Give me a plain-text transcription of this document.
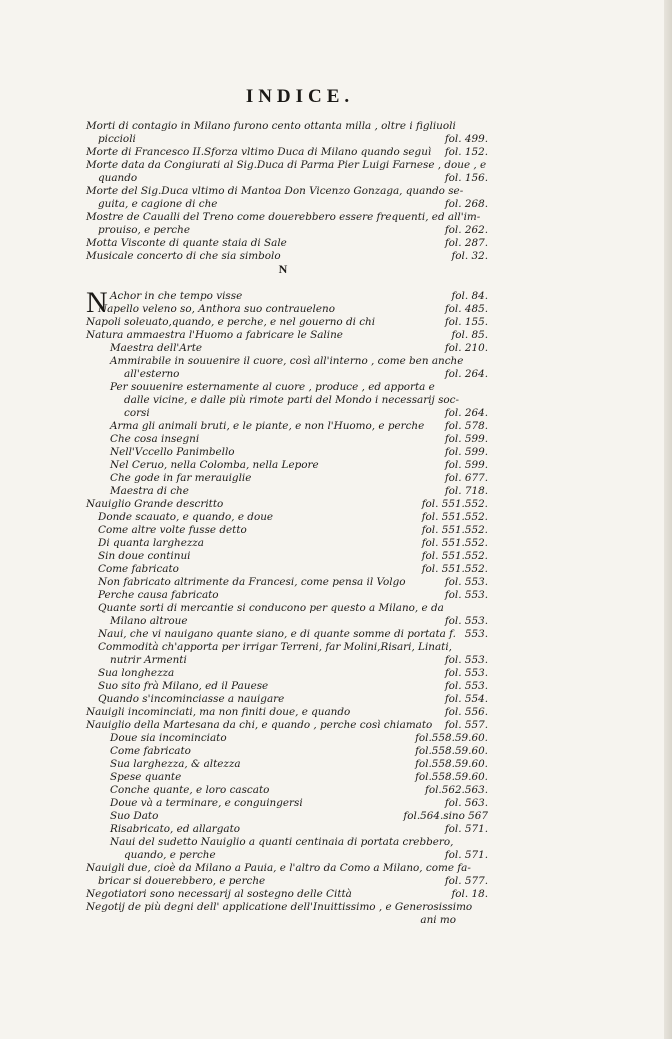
INDICE.
Morti di contagio in Milano furono cento ottanta milla , oltre i figliuoli
piccioli	fol. 499.
Morte di Francesco II.Sforza vltimo Duca di Milano quando seguì fol. 152.
Morte data da Congiurati al Sig.Duca di Parma Pier Luigi Farnese , doue , e
quando	fol. 156.
Morte del Sig.Duca vltimo di Mantoa Don Vicenzo Gonzaga, quando se-
guita, e cagione di che	fol. 268.
Mostre de Caualli del Treno come douerebbero essere frequenti, ed all'im-
prouiso, e perche	fol. 262.
Motta Visconte di quante staia di Sale	fol. 287.
Musicale concerto di che sia simbolo	fol. 32.
N
N Achor in che tempo visse	fol. 84.
Napello veleno so, Anthora suo contraueleno	fol. 485.
Napoli soleuato,quando, e perche, e nel gouerno di chi	fol. 155.
Natura ammaestra l'Huomo a fabricare le Saline	fol. 85.
Maestra dell'Arte	fol. 210.
Ammirabile in souuenire il cuore, così all'interno , come ben anche
all'esterno	fol. 264.
Per souuenire esternamente al cuore , produce , ed apporta e
dalle vicine, e dalle più rimote parti del Mondo i necessarij soc-
corsi	fol. 264.
Arma gli animali bruti, e le piante, e non l'Huomo, e perche fol. 578.
Che cosa insegni	fol. 599.
Nell'Vccello Panimbello	fol. 599.
Nel Ceruo, nella Colomba, nella Lepore	fol. 599.
Che gode in far merauiglie	fol. 677.
Maestra di che	fol. 718.
Nauiglio Grande descritto	fol. 551.552.
Donde scauato, e quando, e doue	fol. 551.552.
Come altre volte fusse detto	fol. 551.552.
Di quanta larghezza	fol. 551.552.
Sin doue continui	fol. 551.552.
Come fabricato	fol. 551.552.
Non fabricato altrimente da Francesi, come pensa il Volgo	fol. 553.
Perche causa fabricato	fol. 553.
Quante sorti di mercantie si conducono per questo a Milano, e da
Milano altroue	fol. 553.
Naui, che vi nauigano quante siano, e di quante somme di portata f. 553.
Commodità ch'apporta per irrigar Terreni, far Molini,Risari, Linati,
nutrir Armenti	fol. 553.
Sua longhezza	fol. 553.
Suo sito frà Milano, ed il Pauese	fol. 553.
Quando s'incominciasse a nauigare	fol. 554.
Nauigli incominciati, ma non finiti doue, e quando	fol. 556.
Nauiglio della Martesana da chi, e quando , perche così chiamato fol. 557.
Doue sia incominciato	fol.558.59.60.
Come fabricato	fol.558.59.60.
Sua larghezza, & altezza	fol.558.59.60.
Spese quante	fol.558.59.60.
Conche quante, e loro cascato	fol.562.563.
Doue và a terminare, e conguingersi	fol. 563.
Suo Dato	fol.564.sino 567
Risabricato, ed allargato	fol. 571.
Naui del sudetto Nauiglio a quanti centinaia di portata crebbero,
quando, e perche	fol. 571.
Nauigli due, cioè da Milano a Pauia, e l'altro da Como a Milano, come fa-
bricar si douerebbero, e perche	fol. 577.
Negotiatori sono necessarij al sostegno delle Città	fol. 18.
Negotij de più degni dell' applicatione dell'Inuittissimo , e Generosissimo
ani mo
